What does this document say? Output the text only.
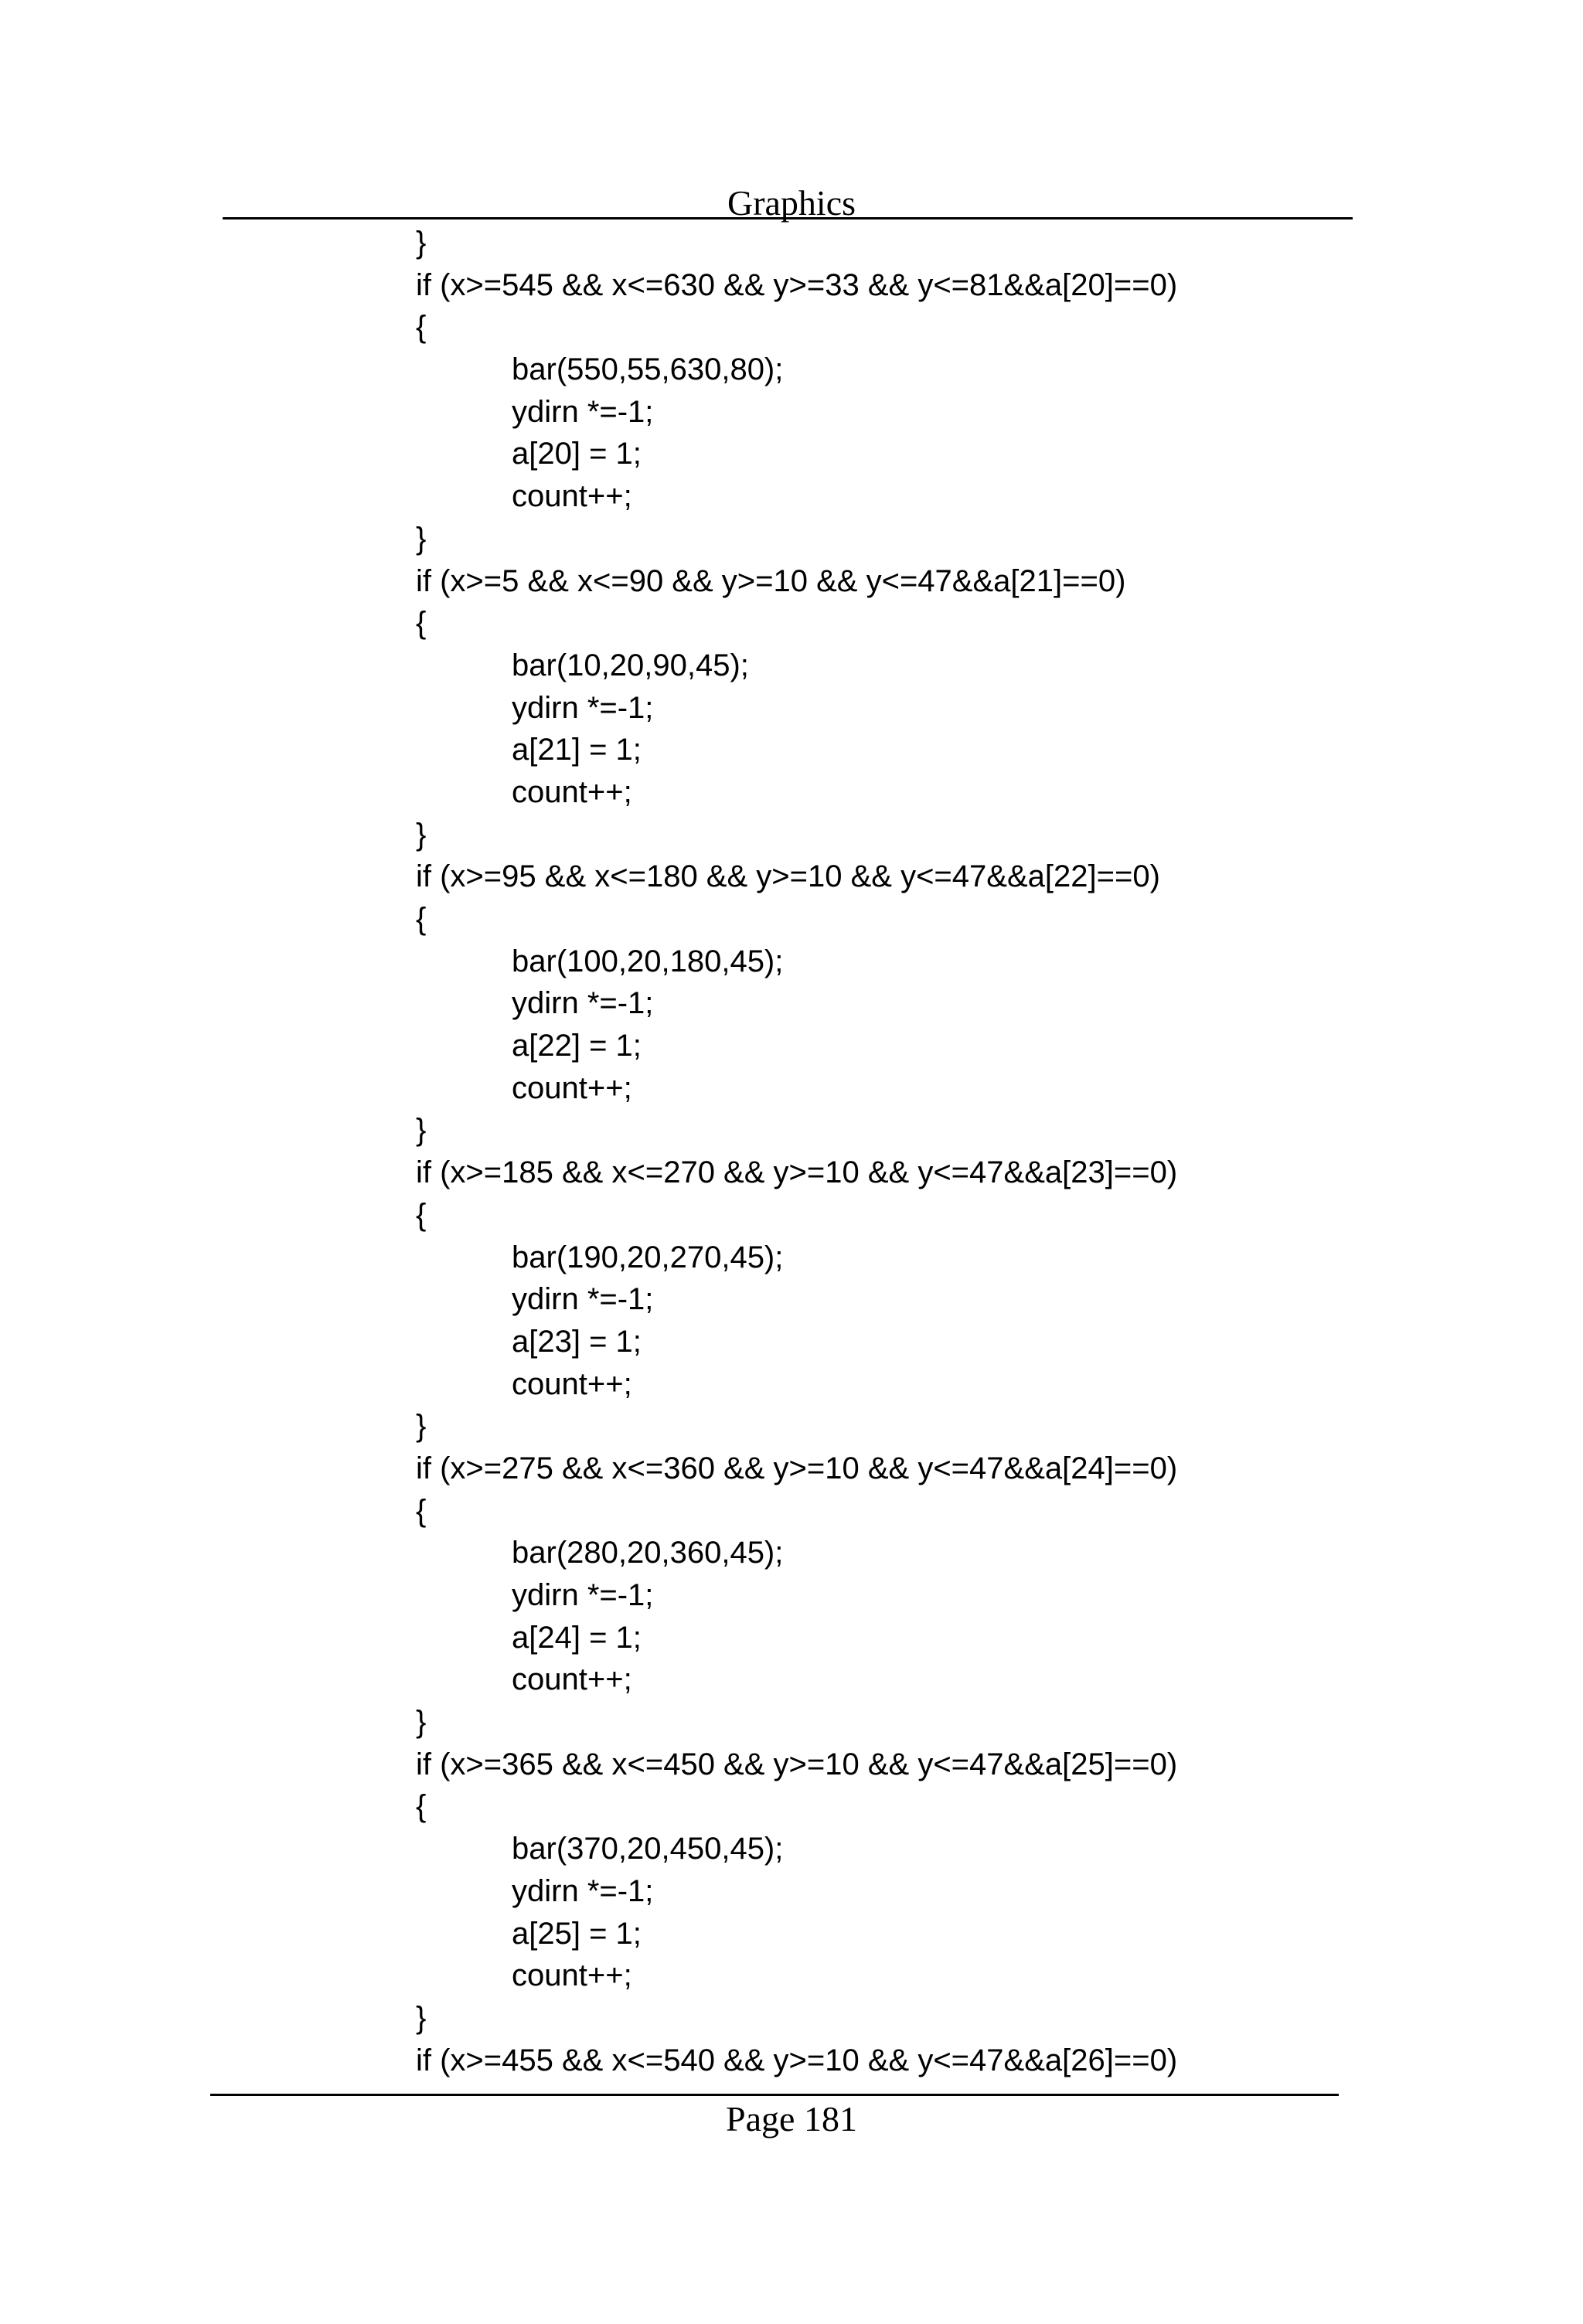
Graphics
}
if (x>=545 && x<=630 && y>=33 && y<=81&&a[20]==0)
{
bar(550,55,630,80);
ydirn *=-1;
a[20] = 1;
count++;
}
if (x>=5 && x<=90 && y>=10 && y<=47&&a[21]==0)
{
bar(10,20,90,45);
ydirn *=-1;
a[21] = 1;
count++;
}
if (x>=95 && x<=180 && y>=10 && y<=47&&a[22]==0)
{
bar(100,20,180,45);
ydirn *=-1;
a[22] = 1;
count++;
}
if (x>=185 && x<=270 && y>=10 && y<=47&&a[23]==0)
{
bar(190,20,270,45);
ydirn *=-1;
a[23] = 1;
count++;
}
if (x>=275 && x<=360 && y>=10 && y<=47&&a[24]==0)
{
bar(280,20,360,45);
ydirn *=-1;
a[24] = 1;
count++;
}
if (x>=365 && x<=450 && y>=10 && y<=47&&a[25]==0)
{
bar(370,20,450,45);
ydirn *=-1;
a[25] = 1;
count++;
}
if (x>=455 && x<=540 && y>=10 && y<=47&&a[26]==0)
Page 181
